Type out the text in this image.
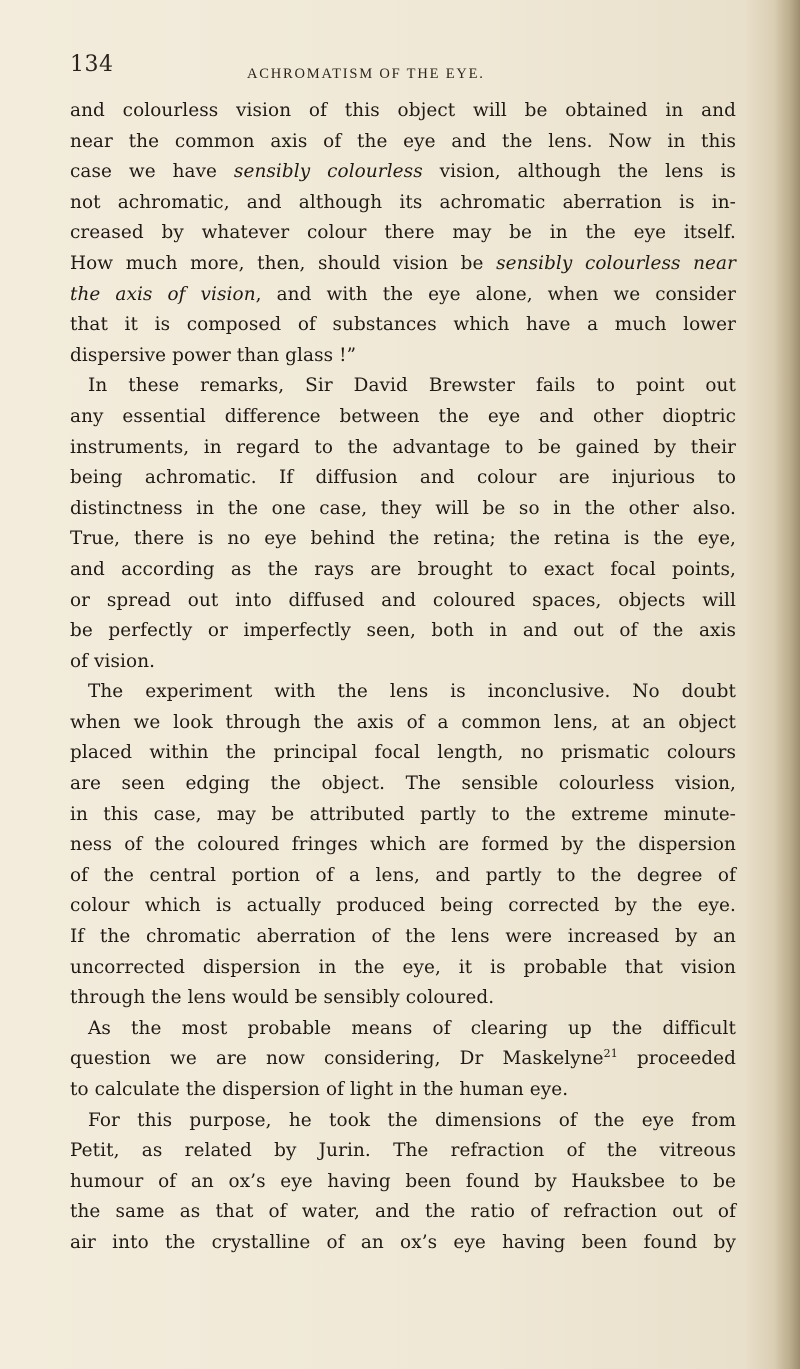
134	ACHROMATISM OF THE EYE.
and colourless vision of this object will be obtained in and
near the common axis of the eye and the lens. Now in this
case we have sensibly colourless vision, although the lens is
not achromatic, and although its achromatic aberration is in-
creased by whatever colour there may be in the eye itself.
How much more, then, should vision be sensibly colourless near
the axis of vision, and with the eye alone, when we consider
that it is composed of substances which have a much lower
dispersive power than glass !”
In these remarks, Sir David Brewster fails to point out
any essential difference between the eye and other dioptric
instruments, in regard to the advantage to be gained by their
being achromatic. If diffusion and colour are injurious to
distinctness in the one case, they will be so in the other also.
True, there is no eye behind the retina; the retina is the eye,
and according as the rays are brought to exact focal points,
or spread out into diffused and coloured spaces, objects will
be perfectly or imperfectly seen, both in and out of the axis
of vision.
The experiment with the lens is inconclusive. No doubt
when we look through the axis of a common lens, at an object
placed within the principal focal length, no prismatic colours
are seen edging the object. The sensible colourless vision,
in this case, may be attributed partly to the extreme minute-
ness of the coloured fringes which are formed by the dispersion
of the central portion of a lens, and partly to the degree of
colour which is actually produced being corrected by the eye.
If the chromatic aberration of the lens were increased by an
uncorrected dispersion in the eye, it is probable that vision
through the lens would be sensibly coloured.
As the most probable means of clearing up the difficult
question we are now considering, Dr Maskelyne$^{21}$ proceeded
to calculate the dispersion of light in the human eye.
For this purpose, he took the dimensions of the eye from
Petit, as related by Jurin. The refraction of the vitreous
humour of an ox’s eye having been found by Hauksbee to be
the same as that of water, and the ratio of refraction out of
air into the crystalline of an ox’s eye having been found by
